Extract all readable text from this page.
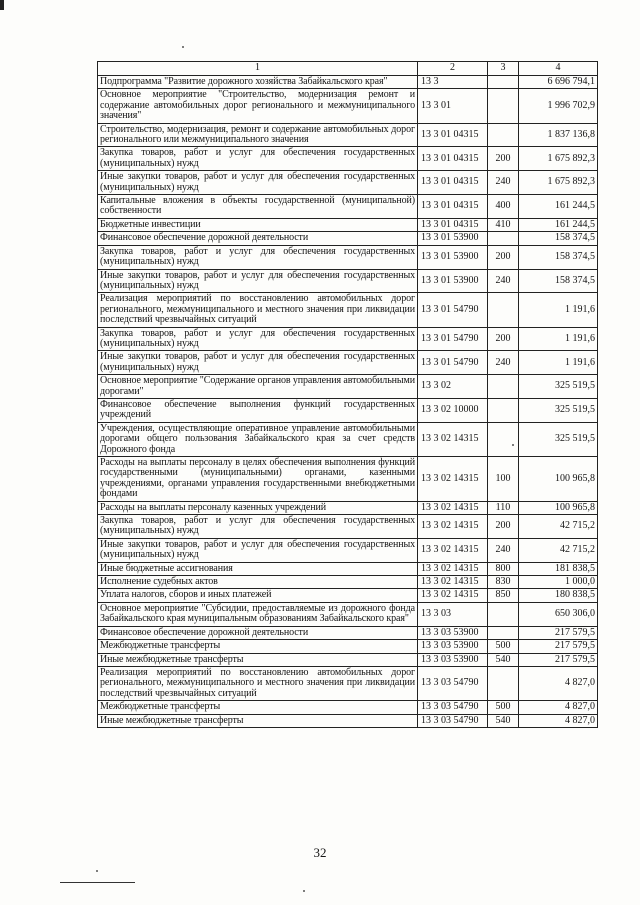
1	2	3	4
Подпрограмма "Развитие дорожного хозяйства Забайкальского края"	13 3		6 696 794,1
Основное мероприятие "Строительство, модернизация ремонт и содержание автомобильных дорог регионального и межмуниципального значения"	13 3 01		1 996 702,9
Строительство, модернизация, ремонт и содержание автомобильных дорог регионального или межмуниципального значения	13 3 01 04315		1 837 136,8
Закупка товаров, работ и услуг для обеспечения государственных (муниципальных) нужд	13 3 01 04315	200	1 675 892,3
Иные закупки товаров, работ и услуг для обеспечения государственных (муниципальных) нужд	13 3 01 04315	240	1 675 892,3
Капитальные вложения в объекты государственной (муниципальной) собственности	13 3 01 04315	400	161 244,5
Бюджетные инвестиции	13 3 01 04315	410	161 244,5
Финансовое обеспечение дорожной деятельности	13 3 01 53900		158 374,5
Закупка товаров, работ и услуг для обеспечения государственных (муниципальных) нужд	13 3 01 53900	200	158 374,5
Иные закупки товаров, работ и услуг для обеспечения государственных (муниципальных) нужд	13 3 01 53900	240	158 374,5
Реализация мероприятий по восстановлению автомобильных дорог регионального, межмуниципального и местного значения при ликвидации последствий чрезвычайных ситуаций	13 3 01 54790		1 191,6
Закупка товаров, работ и услуг для обеспечения государственных (муниципальных) нужд	13 3 01 54790	200	1 191,6
Иные закупки товаров, работ и услуг для обеспечения государственных (муниципальных) нужд	13 3 01 54790	240	1 191,6
Основное мероприятие "Содержание органов управления автомобильными дорогами"	13 3 02		325 519,5
Финансовое обеспечение выполнения функций государственных учреждений	13 3 02 10000		325 519,5
Учреждения, осуществляющие оперативное управление автомобильными дорогами общего пользования Забайкальского края за счет средств Дорожного фонда	13 3 02 14315		325 519,5
Расходы на выплаты персоналу в целях обеспечения выполнения функций государственными (муниципальными) органами, казенными учреждениями, органами управления государственными внебюджетными фондами	13 3 02 14315	100	100 965,8
Расходы на выплаты персоналу казенных учреждений	13 3 02 14315	110	100 965,8
Закупка товаров, работ и услуг для обеспечения государственных (муниципальных) нужд	13 3 02 14315	200	42 715,2
Иные закупки товаров, работ и услуг для обеспечения государственных (муниципальных) нужд	13 3 02 14315	240	42 715,2
Иные бюджетные ассигнования	13 3 02 14315	800	181 838,5
Исполнение судебных актов	13 3 02 14315	830	1 000,0
Уплата налогов, сборов и иных платежей	13 3 02 14315	850	180 838,5
Основное мероприятие "Субсидии, предоставляемые из дорожного фонда Забайкальского края муниципальным образованиям Забайкальского края"	13 3 03		650 306,0
Финансовое обеспечение дорожной деятельности	13 3 03 53900		217 579,5
Межбюджетные трансферты	13 3 03 53900	500	217 579,5
Иные межбюджетные трансферты	13 3 03 53900	540	217 579,5
Реализация мероприятий по восстановлению автомобильных дорог регионального, межмуниципального и местного значения при ликвидации последствий чрезвычайных ситуаций	13 3 03 54790		4 827,0
Межбюджетные трансферты	13 3 03 54790	500	4 827,0
Иные межбюджетные трансферты	13 3 03 54790	540	4 827,0
32
